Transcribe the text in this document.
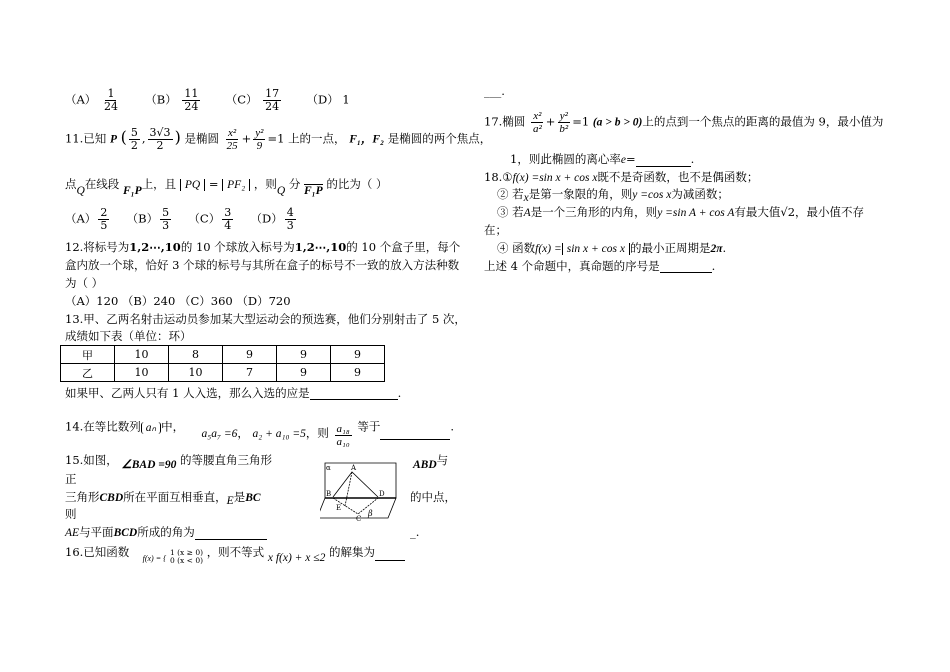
$(A) \frac{1}{24} (B) \frac{11}{24} (C) \frac{17}{24} (D)$ 1
11.已知 P ( $\frac{5}{2}$ , $\frac{3√3}{2}$ ) 是椭圆 $\frac{\text{x²}}{25} + \frac{\text{y²}}{9} =1$ 上的一点， F₁，F₂ 是椭圆的两个焦点，
点Q在线段 F₁P上，且 PQ = PF₂ ，则Q 分 F₁P 的比为（ ）
$(A) \frac{2}{5} (B) \frac{5}{3} (C) \frac{3}{4} (D) \frac{4}{3}$
12.将标号为1,2⋯,10的 10 个球放入标号为1,2⋯,10的 10 个盒子里，每个
盒内放一个球，恰好 3 个球的标号与其所在盒子的标号不一致的放入方法种数
为（ ）
（A）120 （B）240 （C）360 （D）720
13.甲、乙两名射击运动员参加某大型运动会的预选赛，他们分别射击了 5 次，
成绩如下表（单位：环）
甲	10	8	9	9	9
乙	10	10	7	9	9
如果甲、乙两人只有 1 人入选，那么入选的应是	.
14.在等比数列 aₙ 中， a₅a₇ =6， a₂ + a₁₀ =5，则 $\frac{\text{a₁₈}}{\text{a₁₀}}$ 等于	.
15.如图， ∠BAD =90 的等腰直角三角形	ABD与
正
三角形CBD所在平面互相垂直，E是BC	的中点，
则
AE与平面BCD所成的角为	_.
α	A
B	D
E
C
β
16.已知函数 $_{f(x) = \{}$
1 (x ≥ 0)
0 (x < 0)
，则不等式 x f(x) + x ≤2 的解集为
___.
17.椭圆 $\frac{\text{x²}}{\text{a²}} + \frac{\text{y²}}{\text{b²}} =1$ (a > b > 0)上的点到一个焦点的距离的最值为 9，最小值为
1，则此椭圆的离心率e=	.
18.①f(x) =sin x + cos x既不是奇函数，也不是偶函数；
② 若x是第一象限的角，则y =cos x为减函数；
③ 若A是一个三角形的内角，则y =sin A + cos A有最大值√2，最小值不存
在；
④ 函数f(x) = sin x + cos x 的最小正周期是2π.
上述 4 个命题中，真命题的序号是	.
